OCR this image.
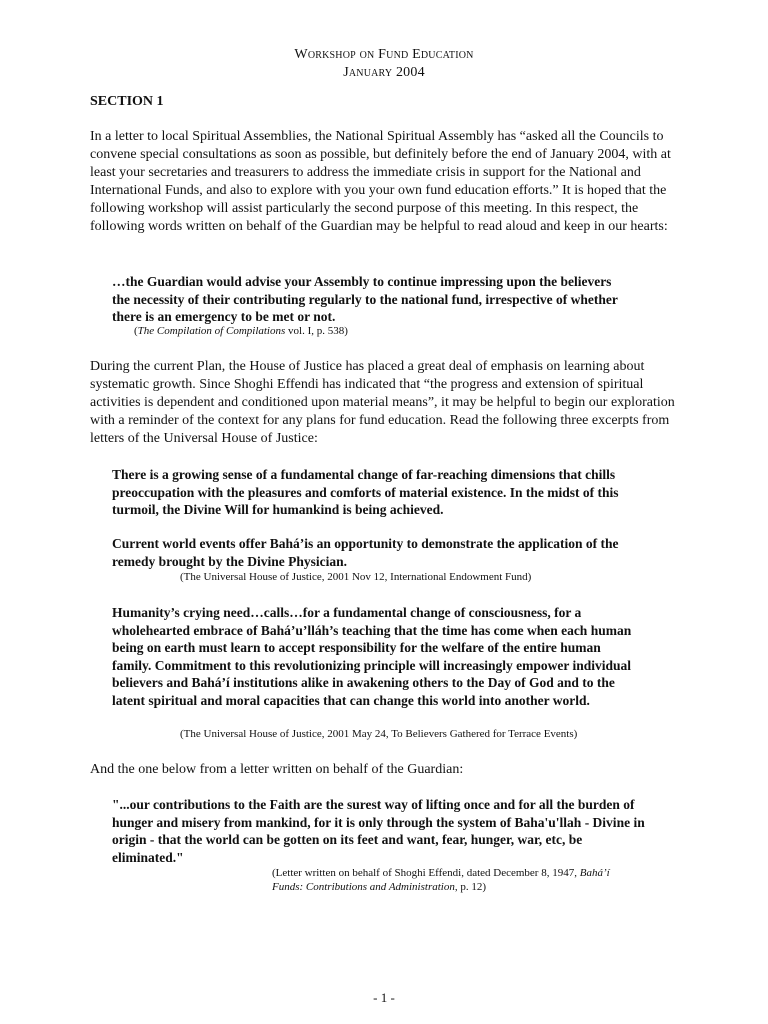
Workshop on Fund Education
January 2004
SECTION 1

In a letter to local Spiritual Assemblies, the National Spiritual Assembly has “asked all the Councils to convene special consultations as soon as possible, but definitely before the end of January 2004, with at least your secretaries and treasurers to address the immediate crisis in support for the National and International Funds, and also to explore with you your own fund education efforts.” It is hoped that the following workshop will assist particularly the second purpose of this meeting. In this respect, the following words written on behalf of the Guardian may be helpful to read aloud and keep in our hearts:

…the Guardian would advise your Assembly to continue impressing upon the believers the necessity of their contributing regularly to the national fund, irrespective of whether there is an emergency to be met or not.

(The Compilation of Compilations vol. I, p. 538)

During the current Plan, the House of Justice has placed a great deal of emphasis on learning about systematic growth. Since Shoghi Effendi has indicated that “the progress and extension of spiritual activities is dependent and conditioned upon material means”, it may be helpful to begin our exploration with a reminder of the context for any plans for fund education. Read the following three excerpts from letters of the Universal House of Justice:

There is a growing sense of a fundamental change of far-reaching dimensions that chills preoccupation with the pleasures and comforts of material existence. In the midst of this turmoil, the Divine Will for humankind is being achieved.

Current world events offer Bahá’is an opportunity to demonstrate the application of the remedy brought by the Divine Physician.

(The Universal House of Justice, 2001 Nov 12, International Endowment Fund)

Humanity’s crying need…calls…for a fundamental change of consciousness, for a wholehearted embrace of Bahá’u’lláh’s teaching that the time has come when each human being on earth must learn to accept responsibility for the welfare of the entire human family. Commitment to this revolutionizing principle will increasingly empower individual believers and Bahá’í institutions alike in awakening others to the Day of God and to the latent spiritual and moral capacities that can change this world into another world.

(The Universal House of Justice, 2001 May 24, To Believers Gathered for Terrace Events)

And the one below from a letter written on behalf of the Guardian:

"...our contributions to the Faith are the surest way of lifting once and for all the burden of hunger and misery from mankind, for it is only through the system of Baha'u'llah - Divine in origin - that the world can be gotten on its feet and want, fear, hunger, war, etc, be eliminated."

(Letter written on behalf of Shoghi Effendi, dated December 8, 1947, Bahá’í Funds: Contributions and Administration, p. 12)

- 1 -
